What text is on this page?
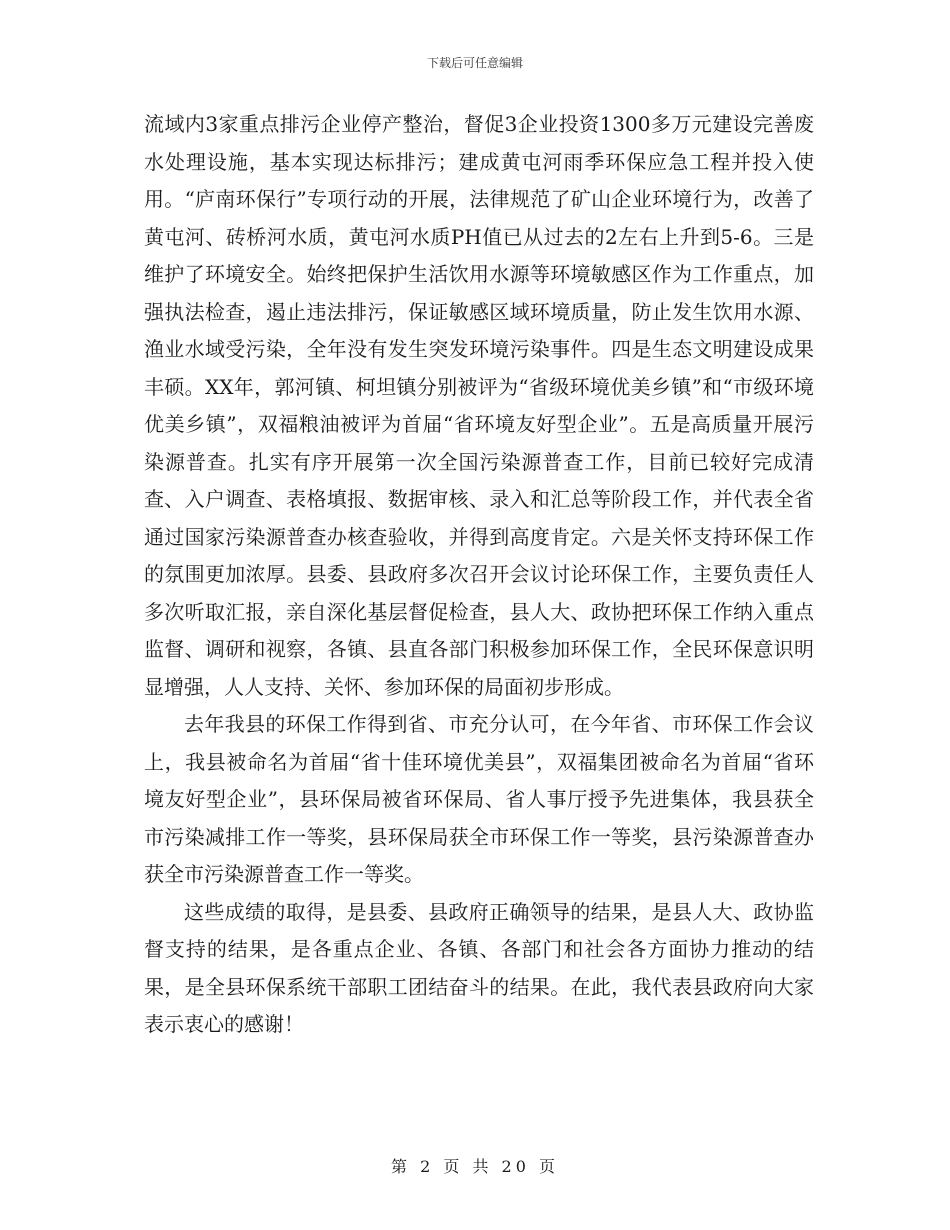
下载后可任意编辑

流域内3家重点排污企业停产整治，督促3企业投资1300多万元建设完善废水处理设施，基本实现达标排污；建成黄屯河雨季环保应急工程并投入使用。“庐南环保行”专项行动的开展，法律规范了矿山企业环境行为，改善了黄屯河、砖桥河水质，黄屯河水质PH值已从过去的2左右上升到5-6。三是维护了环境安全。始终把保护生活饮用水源等环境敏感区作为工作重点，加强执法检查，遏止违法排污，保证敏感区域环境质量，防止发生饮用水源、渔业水域受污染，全年没有发生突发环境污染事件。四是生态文明建设成果丰硕。XX年，郭河镇、柯坦镇分别被评为“省级环境优美乡镇”和“市级环境优美乡镇”，双福粮油被评为首届“省环境友好型企业”。五是高质量开展污染源普查。扎实有序开展第一次全国污染源普查工作，目前已较好完成清查、入户调查、表格填报、数据审核、录入和汇总等阶段工作，并代表全省通过国家污染源普查办核查验收，并得到高度肯定。六是关怀支持环保工作的氛围更加浓厚。县委、县政府多次召开会议讨论环保工作，主要负责任人多次听取汇报，亲自深化基层督促检查，县人大、政协把环保工作纳入重点监督、调研和视察，各镇、县直各部门积极参加环保工作，全民环保意识明显增强，人人支持、关怀、参加环保的局面初步形成。

去年我县的环保工作得到省、市充分认可，在今年省、市环保工作会议上，我县被命名为首届“省十佳环境优美县”，双福集团被命名为首届“省环境友好型企业”，县环保局被省环保局、省人事厅授予先进集体，我县获全市污染减排工作一等奖，县环保局获全市环保工作一等奖，县污染源普查办获全市污染源普查工作一等奖。

这些成绩的取得，是县委、县政府正确领导的结果，是县人大、政协监督支持的结果，是各重点企业、各镇、各部门和社会各方面协力推动的结果，是全县环保系统干部职工团结奋斗的结果。在此，我代表县政府向大家表示衷心的感谢！

第 2 页 共 20 页
